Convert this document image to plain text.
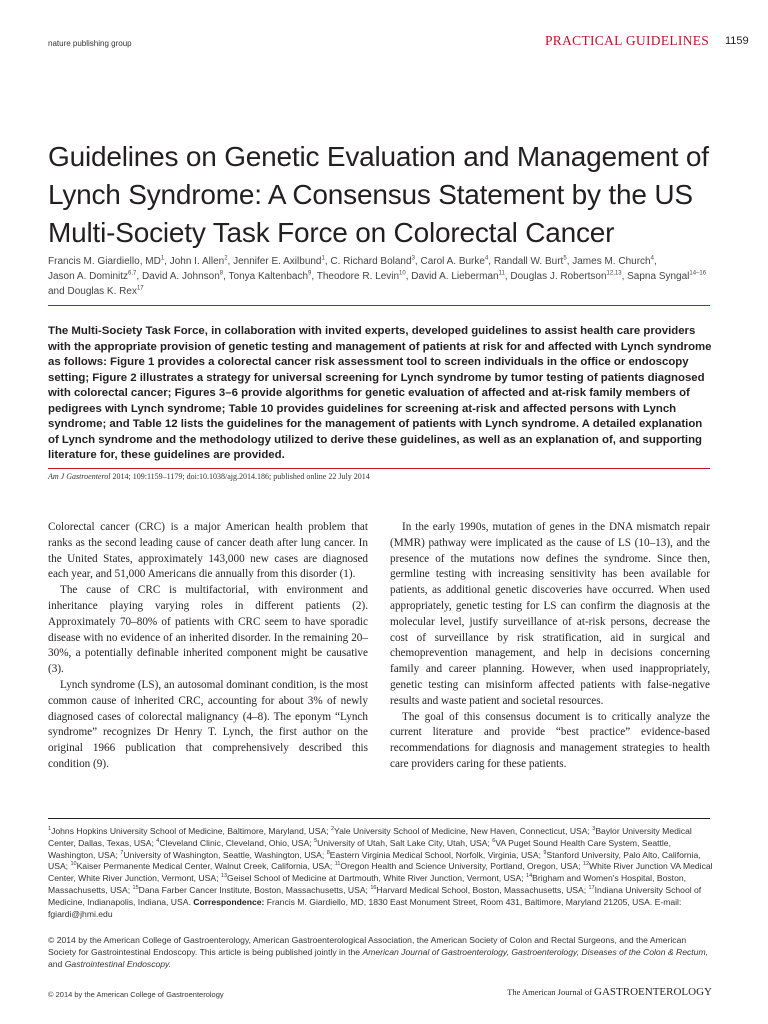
nature publishing group	PRACTICAL GUIDELINES 1159
Guidelines on Genetic Evaluation and Management of Lynch Syndrome: A Consensus Statement by the US Multi-Society Task Force on Colorectal Cancer

Francis M. Giardiello, $MD^1$, John I. Allen$^2$, Jennifer E. Axilbund$^1$, C. Richard Boland$^3$, Carol A. Burke$^4$, Randall W. Burt$^5$, James M. Church$^4$, Jason A. Dominitz$^{6,7}$, David A. Johnson$^8$, Tonya Kaltenbach$^9$, Theodore R. Levin$^{10}$, David A. Lieberman$^{11}$, Douglas J. Robertson$^{12,13}$, Sapna Syngal$^{14-16}$ and Douglas K. Rex$^{17}$

The Multi-Society Task Force, in collaboration with invited experts, developed guidelines to assist health care providers with the appropriate provision of genetic testing and management of patients at risk for and affected with Lynch syndrome as follows: Figure 1 provides a colorectal cancer risk assessment tool to screen individuals in the office or endoscopy setting; Figure 2 illustrates a strategy for universal screening for Lynch syndrome by tumor testing of patients diagnosed with colorectal cancer; Figures 3–6 provide algorithms for genetic evaluation of affected and at-risk family members of pedigrees with Lynch syndrome; Table 10 provides guidelines for screening at-risk and affected persons with Lynch syndrome; and Table 12 lists the guidelines for the management of patients with Lynch syndrome. A detailed explanation of Lynch syndrome and the methodology utilized to derive these guidelines, as well as an explanation of, and supporting literature for, these guidelines are provided.

Am J Gastroenterol 2014; 109:1159–1179; doi:10.1038/ajg.2014.186; published online 22 July 2014

Colorectal cancer (CRC) is a major American health problem that ranks as the second leading cause of cancer death after lung cancer. In the United States, approximately 143,000 new cases are diagnosed each year, and 51,000 Americans die annually from this disorder (1).

The cause of CRC is multifactorial, with environment and inheritance playing varying roles in different patients (2). Approximately 70–80% of patients with CRC seem to have sporadic disease with no evidence of an inherited disorder. In the remaining 20–30%, a potentially definable inherited component might be causative (3).

Lynch syndrome (LS), an autosomal dominant condition, is the most common cause of inherited CRC, accounting for about 3% of newly diagnosed cases of colorectal malignancy (4–8). The eponym “Lynch syndrome” recognizes Dr Henry T. Lynch, the first author on the original 1966 publication that comprehensively described this condition (9).

In the early 1990s, mutation of genes in the DNA mismatch repair (MMR) pathway were implicated as the cause of LS (10–13), and the presence of the mutations now defines the syndrome. Since then, germline testing with increasing sensitivity has been available for patients, as additional genetic discoveries have occurred. When used appropriately, genetic testing for LS can confirm the diagnosis at the molecular level, justify surveillance of at-risk persons, decrease the cost of surveillance by risk stratification, aid in surgical and chemoprevention management, and help in decisions concerning family and career planning. However, when used inappropriately, genetic testing can misinform affected patients with false-negative results and waste patient and societal resources.

The goal of this consensus document is to critically analyze the current literature and provide “best practice” evidence-based recommendations for diagnosis and management strategies to health care providers caring for these patients.

$^1$Johns Hopkins University School of Medicine, Baltimore, Maryland, USA; $^2$Yale University School of Medicine, New Haven, Connecticut, USA; $^3$Baylor University Medical Center, Dallas, Texas, USA; $^4$Cleveland Clinic, Cleveland, Ohio, USA; $^5$University of Utah, Salt Lake City, Utah, USA; $^6$VA Puget Sound Health Care System, Seattle, Washington, USA; $^7$University of Washington, Seattle, Washington, USA; $^8$Eastern Virginia Medical School, Norfolk, Virginia, USA; $^9$Stanford University, Palo Alto, California, USA; $^{10}$Kaiser Permanente Medical Center, Walnut Creek, California, USA; $^{11}$Oregon Health and Science University, Portland, Oregon, USA; $^{12}$White River Junction VA Medical Center, White River Junction, Vermont, USA; $^{13}$Geisel School of Medicine at Dartmouth, White River Junction, Vermont, USA; $^{14}$Brigham and Women's Hospital, Boston, Massachusetts, USA; $^{15}$Dana Farber Cancer Institute, Boston, Massachusetts, USA; $^{16}$Harvard Medical School, Boston, Massachusetts, USA; $^{17}$Indiana University School of Medicine, Indianapolis, Indiana, USA. Correspondence: Francis M. Giardiello, MD, 1830 East Monument Street, Room 431, Baltimore, Maryland 21205, USA. E-mail: fgiardi@jhmi.edu

© 2014 by the American College of Gastroenterology, American Gastroenterological Association, the American Society of Colon and Rectal Surgeons, and the American Society for Gastrointestinal Endoscopy. This article is being published jointly in the American Journal of Gastroenterology, Gastroenterology, Diseases of the Colon & Rectum, and Gastrointestinal Endoscopy.

© 2014 by the American College of Gastroenterology	The American Journal of GASTROENTEROLOGY
